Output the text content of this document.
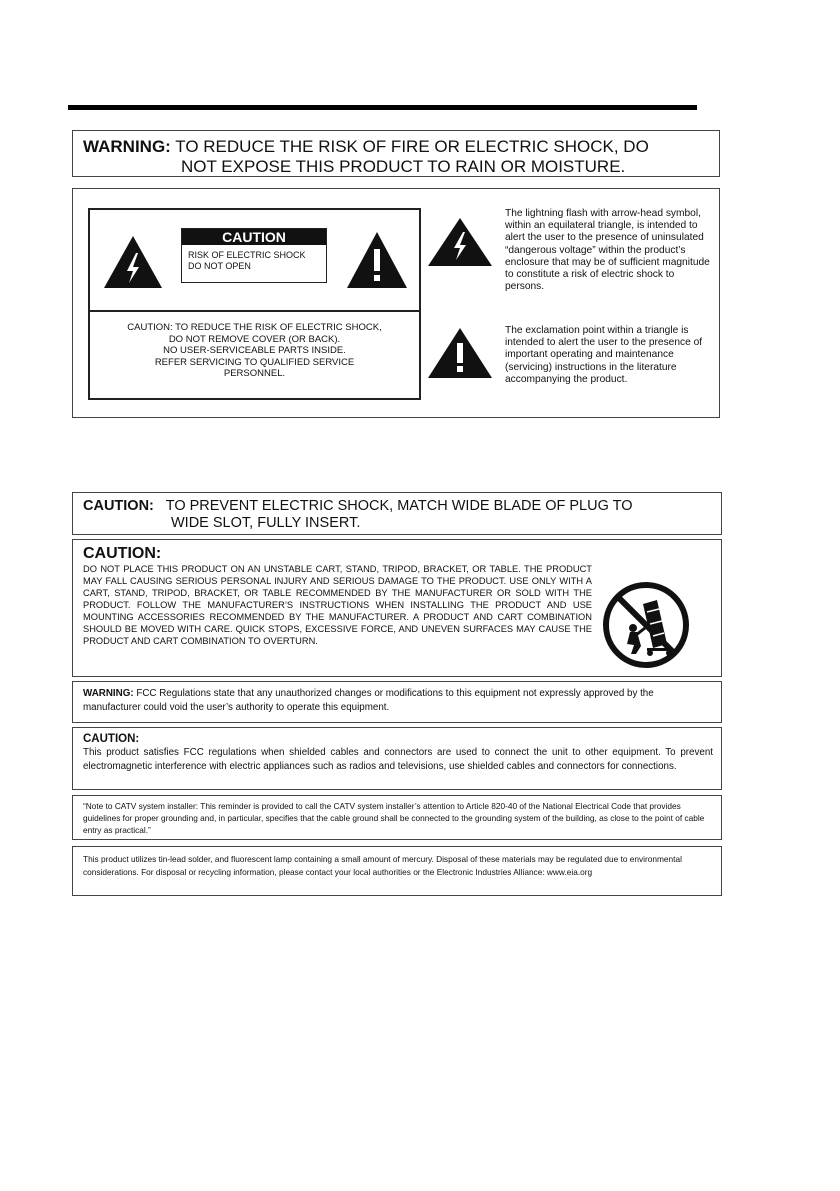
WARNING: TO REDUCE THE RISK OF FIRE OR ELECTRIC SHOCK, DO
NOT EXPOSE THIS PRODUCT TO RAIN OR MOISTURE.
CAUTION
RISK OF ELECTRIC SHOCK
DO NOT OPEN
CAUTION: TO REDUCE THE RISK OF ELECTRIC SHOCK,
DO NOT REMOVE COVER (OR BACK).
NO USER-SERVICEABLE PARTS INSIDE.
REFER SERVICING TO QUALIFIED SERVICE
PERSONNEL.
The lightning flash with arrow-head symbol, within an equilateral triangle, is intended to alert the user to the presence of uninsulated “dangerous voltage” within the product’s enclosure that may be of sufficient magnitude to constitute a risk of electric shock to persons.
The exclamation point within a triangle is intended to alert the user to the presence of important operating and maintenance (servicing) instructions in the literature accompanying the product.
CAUTION: TO PREVENT ELECTRIC SHOCK, MATCH WIDE BLADE OF PLUG TO
WIDE SLOT, FULLY INSERT.
CAUTION:
DO NOT PLACE THIS PRODUCT ON AN UNSTABLE CART, STAND, TRIPOD, BRACKET, OR TABLE. THE PRODUCT MAY FALL CAUSING SERIOUS PERSONAL INJURY AND SERIOUS DAMAGE TO THE PRODUCT. USE ONLY WITH A CART, STAND, TRIPOD, BRACKET, OR TABLE RECOMMENDED BY THE MANUFACTURER OR SOLD WITH THE PRODUCT. FOLLOW THE MANUFACTURER’S INSTRUCTIONS WHEN INSTALLING THE PRODUCT AND USE MOUNTING ACCESSORIES RECOMMENDED BY THE MANUFACTURER. A PRODUCT AND CART COMBINATION SHOULD BE MOVED WITH CARE. QUICK STOPS, EXCESSIVE FORCE, AND UNEVEN SURFACES MAY CAUSE THE PRODUCT AND CART COMBINATION TO OVERTURN.
WARNING: FCC Regulations state that any unauthorized changes or modifications to this equipment not expressly approved by the manufacturer could void the user’s authority to operate this equipment.
CAUTION:
This product satisfies FCC regulations when shielded cables and connectors are used to connect the unit to other equipment. To prevent electromagnetic interference with electric appliances such as radios and televisions, use shielded cables and connectors for connections.
“Note to CATV system installer: This reminder is provided to call the CATV system installer’s attention to Article 820-40 of the National Electrical Code that provides guidelines for proper grounding and, in particular, specifies that the cable ground shall be connected to the grounding system of the building, as close to the point of cable entry as practical.”
This product utilizes tin-lead solder, and fluorescent lamp containing a small amount of mercury. Disposal of these materials may be regulated due to environmental considerations. For disposal or recycling information, please contact your local authorities or the Electronic Industries Alliance: www.eia.org
